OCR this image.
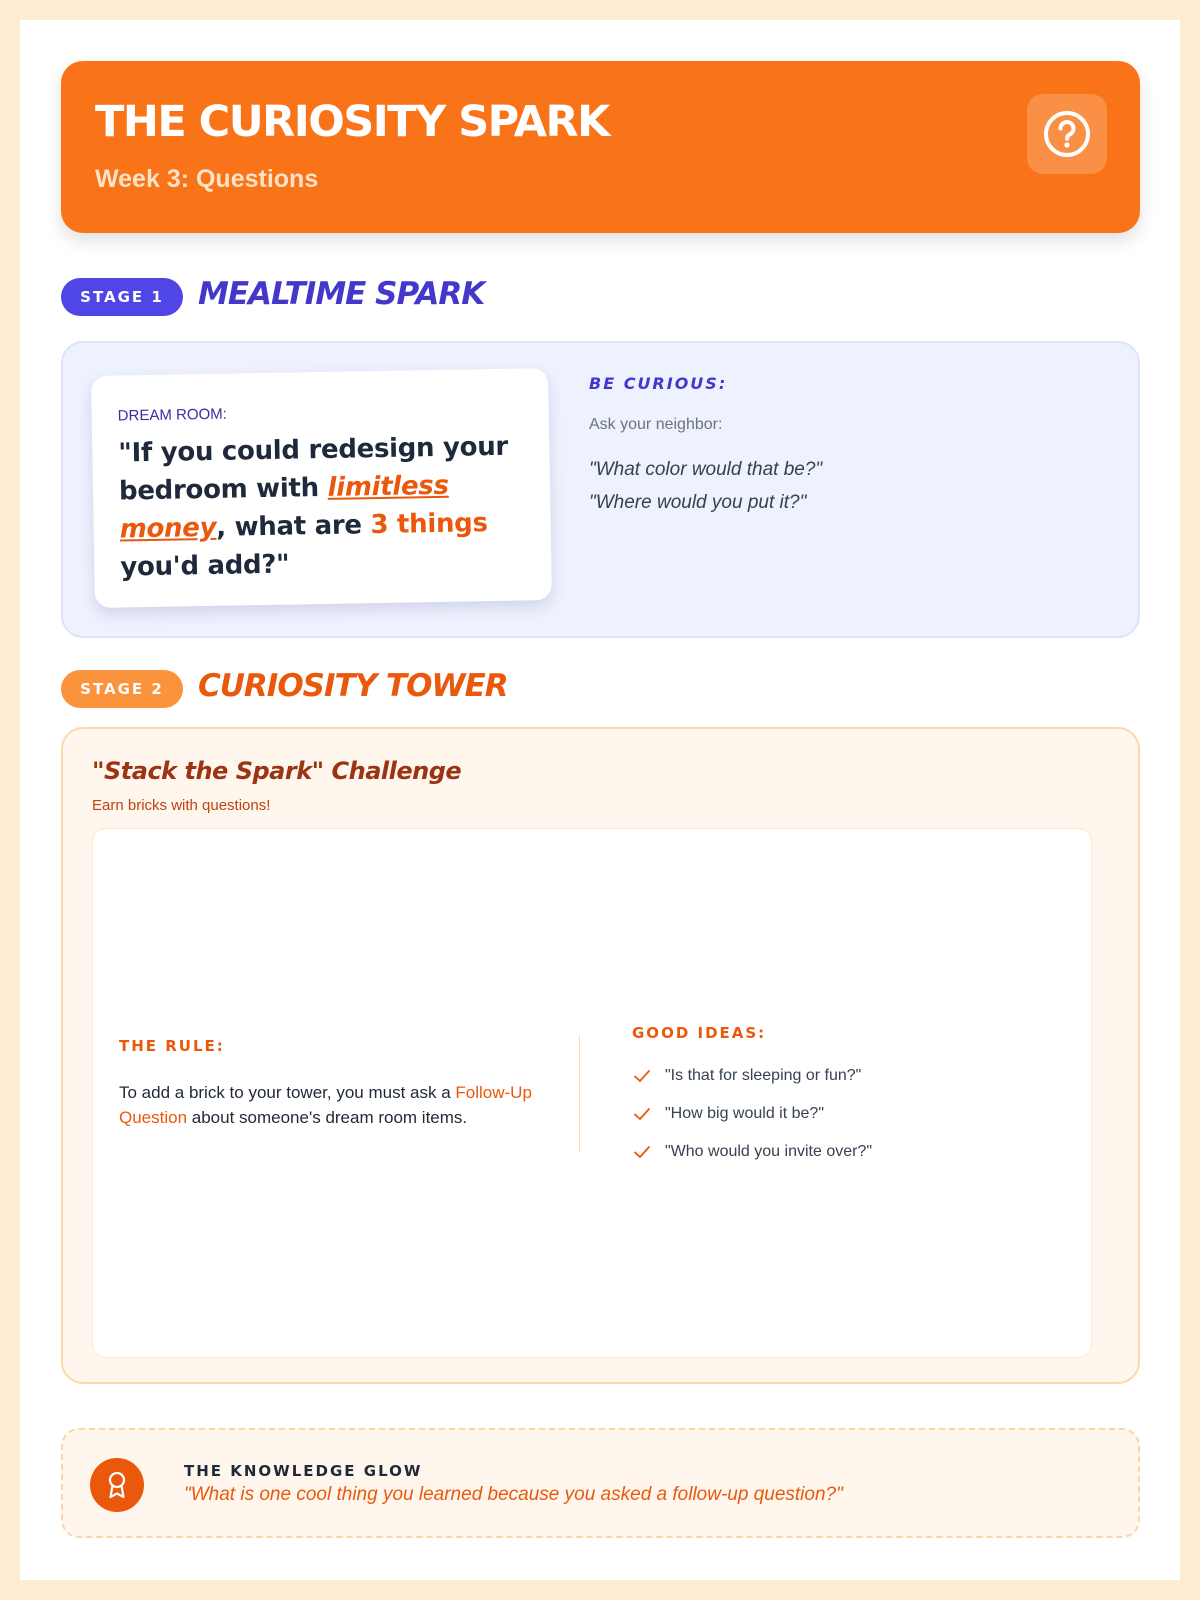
THE CURIOSITY SPARK
Week 3: Questions
STAGE 1	MEALTIME SPARK
DREAM ROOM:
"If you could redesign your bedroom with limitless money, what are 3 things you'd add?"
BE CURIOUS:
Ask your neighbor:
"What color would that be?"
"Where would you put it?"
STAGE 2	CURIOSITY TOWER
"Stack the Spark" Challenge
Earn bricks with questions!
THE RULE:
To add a brick to your tower, you must ask a Follow-Up Question about someone's dream room items.
GOOD IDEAS:
"Is that for sleeping or fun?"
"How big would it be?"
"Who would you invite over?"
THE KNOWLEDGE GLOW
"What is one cool thing you learned because you asked a follow-up question?"
